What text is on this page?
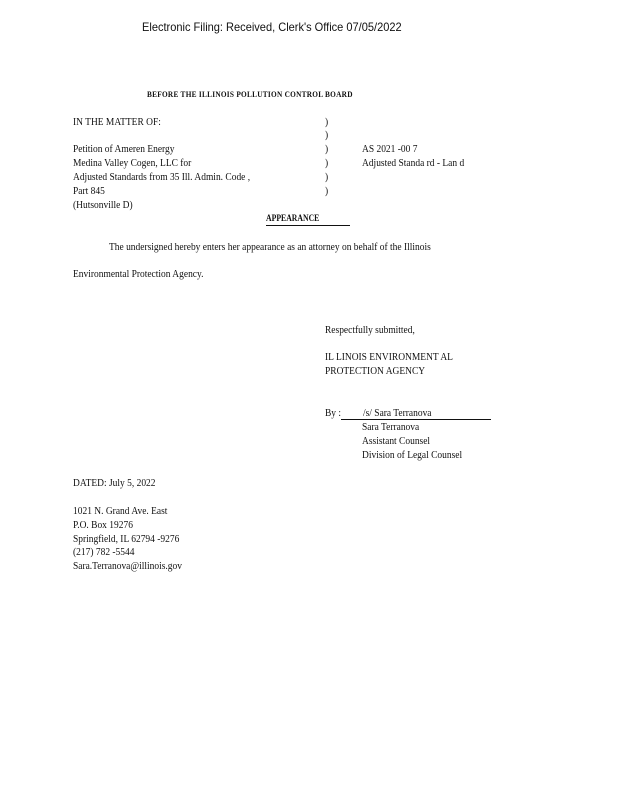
Electronic Filing: Received, Clerk's Office 07/05/2022
BEFORE THE ILLINOIS POLLUTION CONTROL BOARD
IN THE MATTER OF:
Petition of Ameren Energy
Medina Valley Cogen, LLC for
Adjusted Standards from 35 Ill. Admin. Code ,
Part 845
(Hutsonville D)
)
)
)
)
)
)
AS 2021 -00 7
Adjusted Standa rd - Lan d
APPEARANCE
The undersigned hereby enters her appearance as an attorney on behalf of the Illinois
Environmental Protection Agency.
Respectfully submitted,
IL LINOIS ENVIRONMENT AL
PROTECTION AGENCY
By : /s/ Sara Terranova
Sara Terranova
Assistant Counsel
Division of Legal Counsel
DATED: July 5, 2022
1021 N. Grand Ave. East
P.O. Box 19276
Springfield, IL 62794 -9276
(217) 782 -5544
Sara.Terranova@illinois.gov
